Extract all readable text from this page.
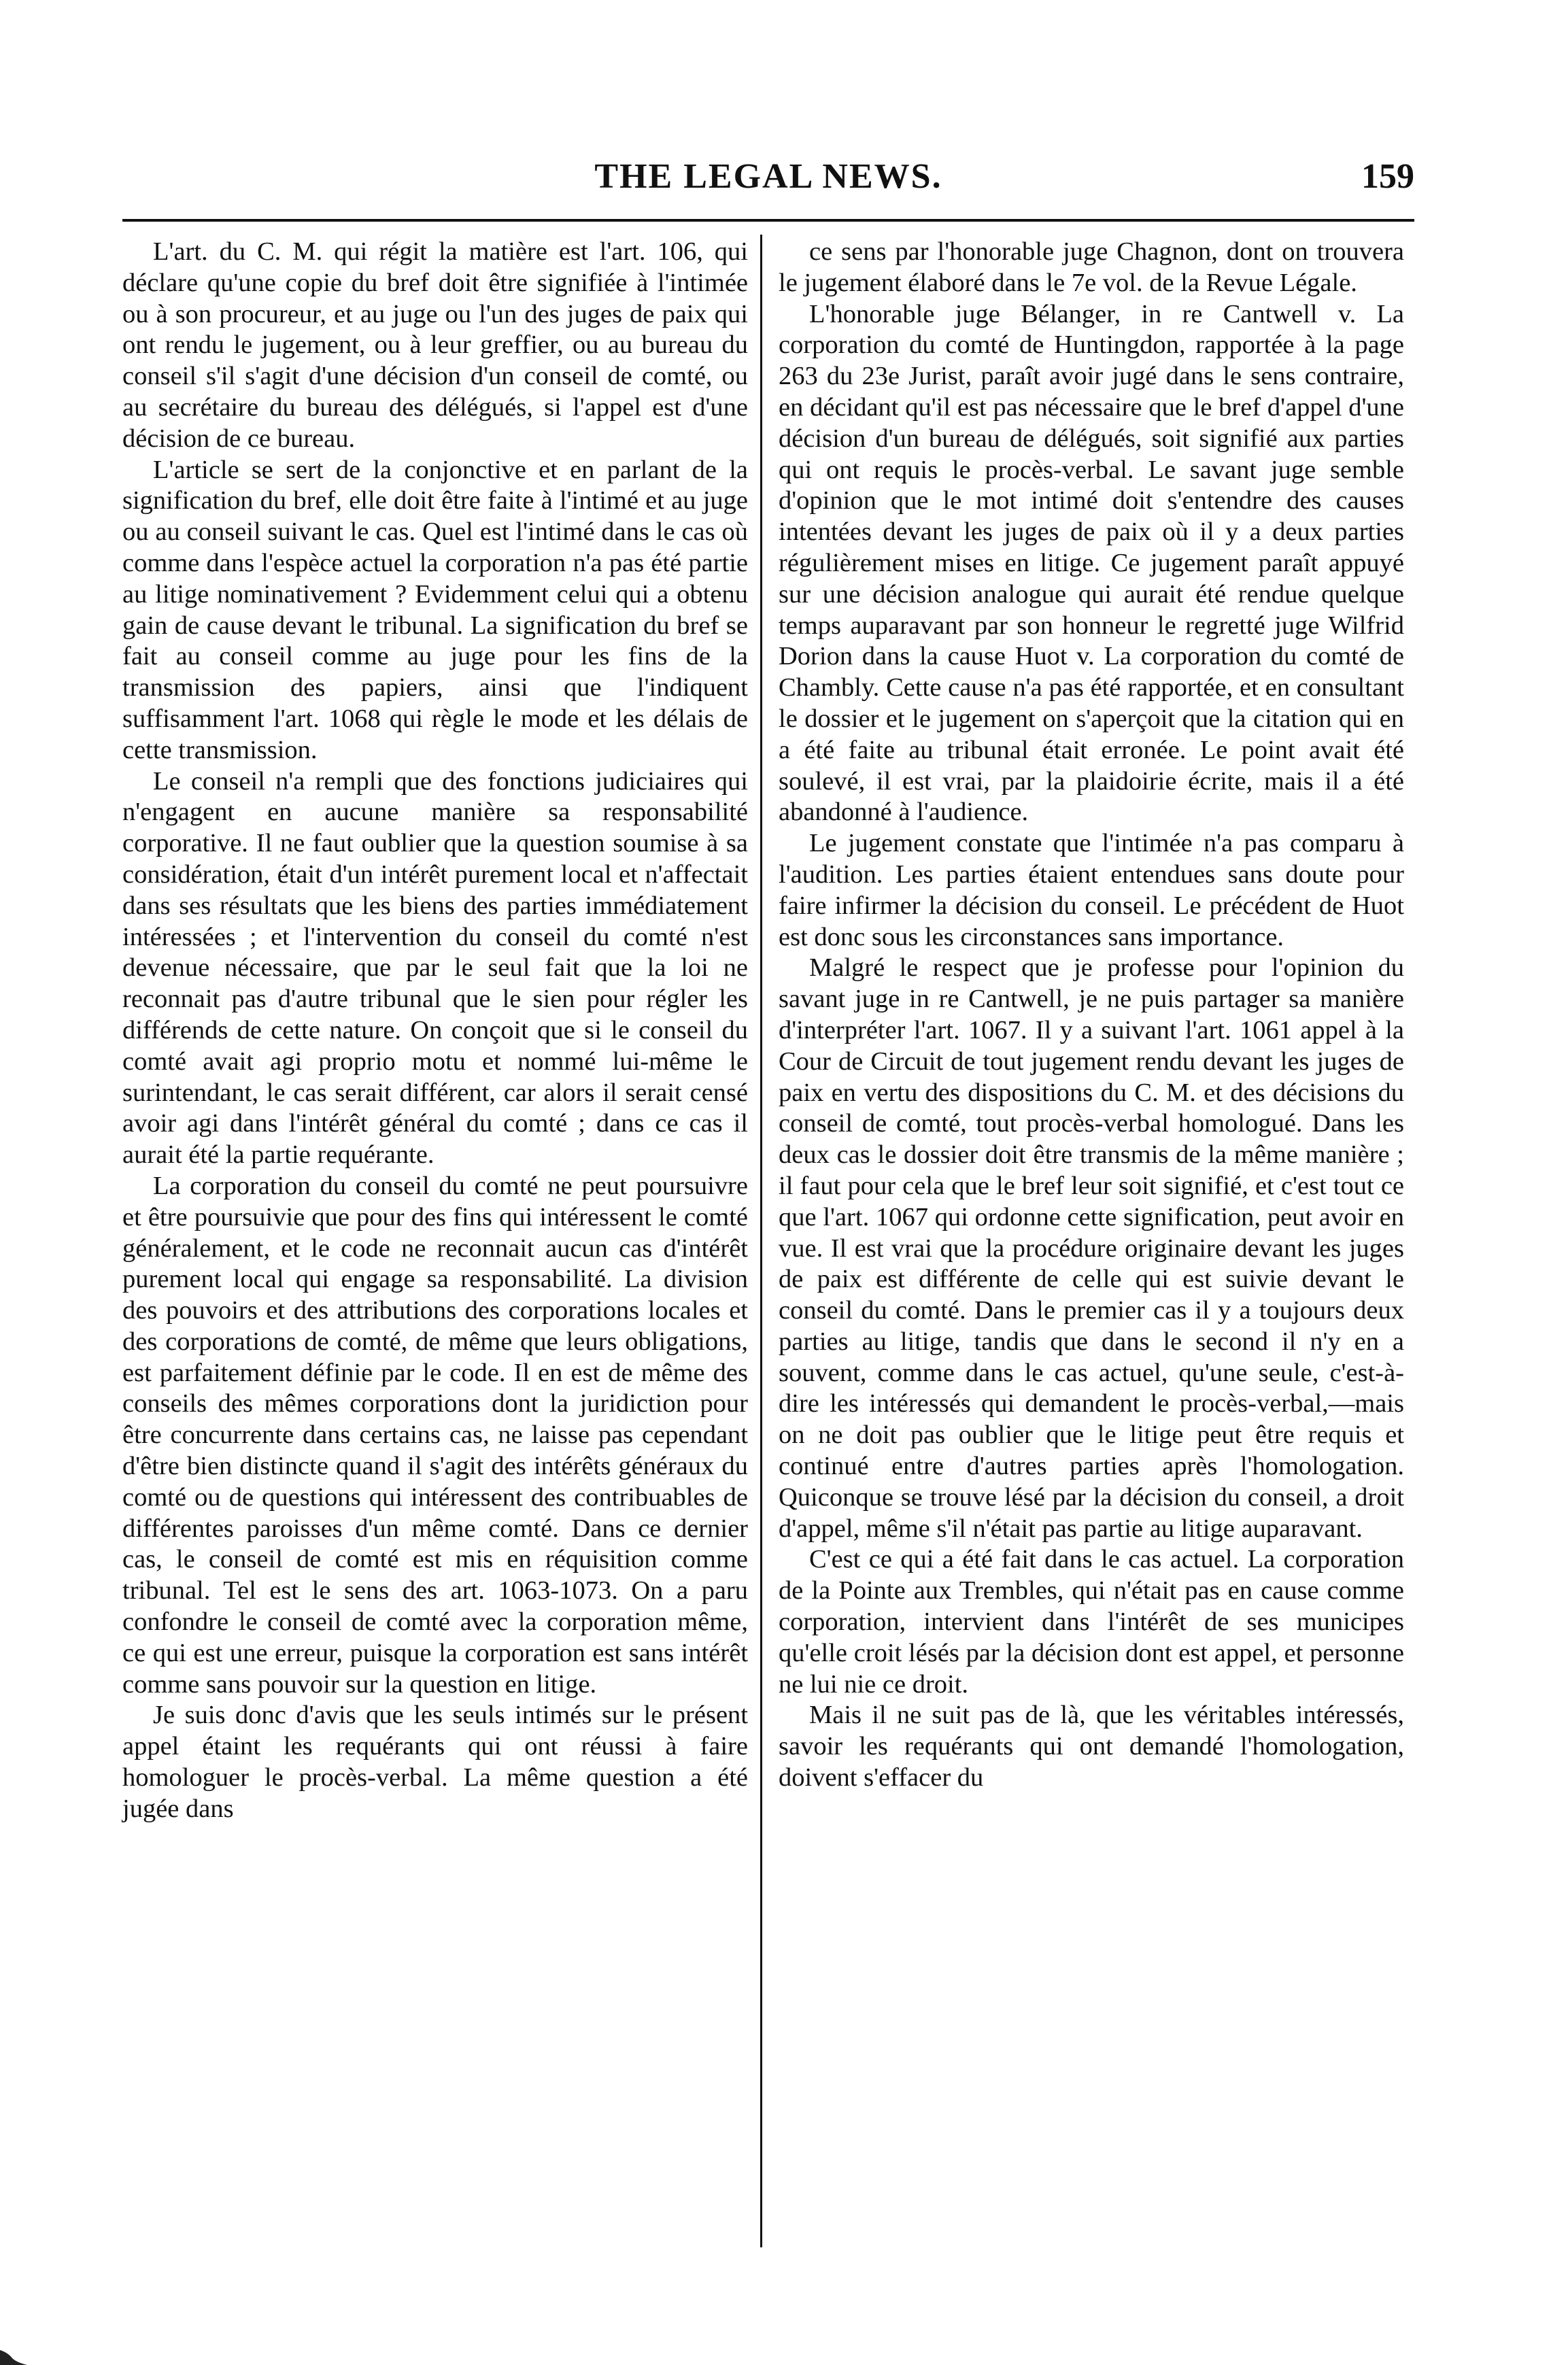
THE LEGAL NEWS.	159

L'art. du C. M. qui régit la matière est l'art. 106, qui déclare qu'une copie du bref doit être signifiée à l'intimée ou à son procureur, et au juge ou l'un des juges de paix qui ont rendu le jugement, ou à leur greffier, ou au bureau du conseil s'il s'agit d'une décision d'un conseil de comté, ou au secrétaire du bureau des délégués, si l'appel est d'une décision de ce bureau.

L'article se sert de la conjonctive et en parlant de la signification du bref, elle doit être faite à l'intimé et au juge ou au conseil suivant le cas. Quel est l'intimé dans le cas où comme dans l'espèce actuel la corporation n'a pas été partie au litige nominativement ? Evidemment celui qui a obtenu gain de cause devant le tribunal. La signification du bref se fait au conseil comme au juge pour les fins de la transmission des papiers, ainsi que l'indiquent suffisamment l'art. 1068 qui règle le mode et les délais de cette transmission.

Le conseil n'a rempli que des fonctions judiciaires qui n'engagent en aucune manière sa responsabilité corporative. Il ne faut oublier que la question soumise à sa considération, était d'un intérêt purement local et n'affectait dans ses résultats que les biens des parties immédiatement intéressées ; et l'intervention du conseil du comté n'est devenue nécessaire, que par le seul fait que la loi ne reconnait pas d'autre tribunal que le sien pour régler les différends de cette nature. On conçoit que si le conseil du comté avait agi proprio motu et nommé lui-même le surintendant, le cas serait différent, car alors il serait censé avoir agi dans l'intérêt général du comté ; dans ce cas il aurait été la partie requérante.

La corporation du conseil du comté ne peut poursuivre et être poursuivie que pour des fins qui intéressent le comté généralement, et le code ne reconnait aucun cas d'intérêt purement local qui engage sa responsabilité. La division des pouvoirs et des attributions des corporations locales et des corporations de comté, de même que leurs obligations, est parfaitement définie par le code. Il en est de même des conseils des mêmes corporations dont la juridiction pour être concurrente dans certains cas, ne laisse pas cependant d'être bien distincte quand il s'agit des intérêts généraux du comté ou de questions qui intéressent des contribuables de différentes paroisses d'un même comté. Dans ce dernier cas, le conseil de comté est mis en réquisition comme tribunal. Tel est le sens des art. 1063-1073. On a paru confondre le conseil de comté avec la corporation même, ce qui est une erreur, puisque la corporation est sans intérêt comme sans pouvoir sur la question en litige.

Je suis donc d'avis que les seuls intimés sur le présent appel étaint les requérants qui ont réussi à faire homologuer le procès-verbal. La même question a été jugée dans

ce sens par l'honorable juge Chagnon, dont on trouvera le jugement élaboré dans le 7e vol. de la Revue Légale.

L'honorable juge Bélanger, in re Cantwell v. La corporation du comté de Huntingdon, rapportée à la page 263 du 23e Jurist, paraît avoir jugé dans le sens contraire, en décidant qu'il est pas nécessaire que le bref d'appel d'une décision d'un bureau de délégués, soit signifié aux parties qui ont requis le procès-verbal. Le savant juge semble d'opinion que le mot intimé doit s'entendre des causes intentées devant les juges de paix où il y a deux parties régulièrement mises en litige. Ce jugement paraît appuyé sur une décision analogue qui aurait été rendue quelque temps auparavant par son honneur le regretté juge Wilfrid Dorion dans la cause Huot v. La corporation du comté de Chambly. Cette cause n'a pas été rapportée, et en consultant le dossier et le jugement on s'aperçoit que la citation qui en a été faite au tribunal était erronée. Le point avait été soulevé, il est vrai, par la plaidoirie écrite, mais il a été abandonné à l'audience.

Le jugement constate que l'intimée n'a pas comparu à l'audition. Les parties étaient entendues sans doute pour faire infirmer la décision du conseil. Le précédent de Huot est donc sous les circonstances sans importance.

Malgré le respect que je professe pour l'opinion du savant juge in re Cantwell, je ne puis partager sa manière d'interpréter l'art. 1067. Il y a suivant l'art. 1061 appel à la Cour de Circuit de tout jugement rendu devant les juges de paix en vertu des dispositions du C. M. et des décisions du conseil de comté, tout procès-verbal homologué. Dans les deux cas le dossier doit être transmis de la même manière ; il faut pour cela que le bref leur soit signifié, et c'est tout ce que l'art. 1067 qui ordonne cette signification, peut avoir en vue. Il est vrai que la procédure originaire devant les juges de paix est différente de celle qui est suivie devant le conseil du comté. Dans le premier cas il y a toujours deux parties au litige, tandis que dans le second il n'y en a souvent, comme dans le cas actuel, qu'une seule, c'est-à-dire les intéressés qui demandent le procès-verbal,—mais on ne doit pas oublier que le litige peut être requis et continué entre d'autres parties après l'homologation. Quiconque se trouve lésé par la décision du conseil, a droit d'appel, même s'il n'était pas partie au litige auparavant.

C'est ce qui a été fait dans le cas actuel. La corporation de la Pointe aux Trembles, qui n'était pas en cause comme corporation, intervient dans l'intérêt de ses municipes qu'elle croit lésés par la décision dont est appel, et personne ne lui nie ce droit.

Mais il ne suit pas de là, que les véritables intéressés, savoir les requérants qui ont demandé l'homologation, doivent s'effacer du
